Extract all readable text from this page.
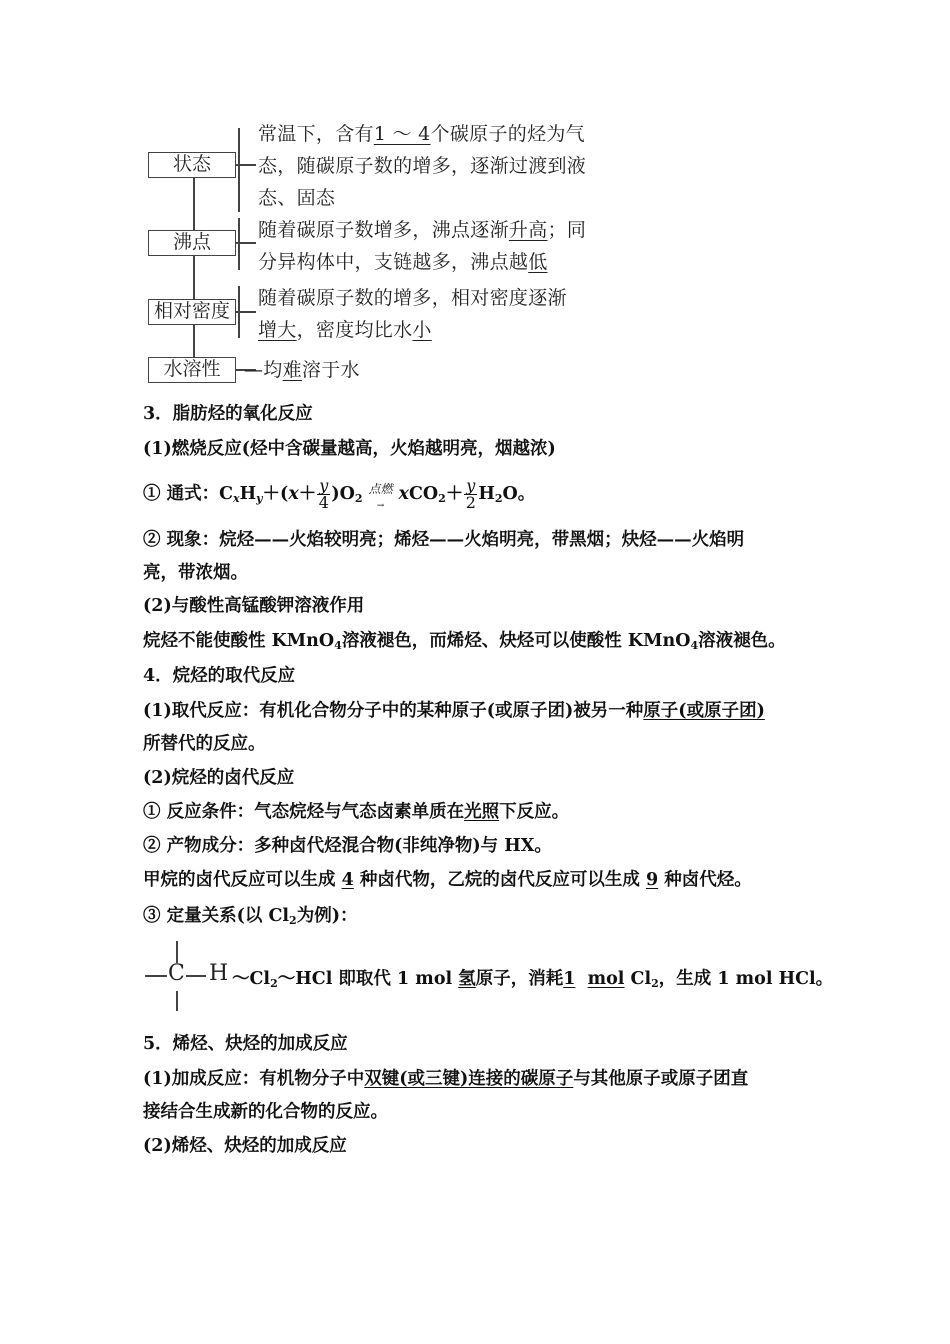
状态
常温下，含有1 ～ 4个碳原子的烃为气
态，随碳原子数的增多，逐渐过渡到液
态、固态
沸点
随着碳原子数增多，沸点逐渐升高；同
分异构体中，支链越多，沸点越低
相对密度
随着碳原子数的增多，相对密度逐渐
增大，密度均比水小
水溶性	—均难溶于水
3．脂肪烃的氧化反应
(1)燃烧反应(烃中含碳量越高，火焰越明亮，烟越浓)
① 通式：$C_xH_y+(x+ \frac{y}{4} )O_2$点燃
→
$xCO_2+ \frac{y}{2} H_2O$。
② 现象：烷烃——火焰较明亮；烯烃——火焰明亮，带黑烟；炔烃——火焰明
亮，带浓烟。
(2)与酸性高锰酸钾溶液作用
烷烃不能使酸性 KMnO$_4$溶液褪色，而烯烃、炔烃可以使酸性 KMnO$_4$溶液褪色。
4．烷烃的取代反应
(1)取代反应：有机化合物分子中的某种原子(或原子团)被另一种原子(或原子团)
所替代的反应。
(2)烷烃的卤代反应
① 反应条件：气态烷烃与气态卤素单质在光照下反应。
② 产物成分：多种卤代烃混合物(非纯净物)与 HX。
甲烷的卤代反应可以生成 4 种卤代物，乙烷的卤代反应可以生成 9 种卤代烃。
③ 定量关系(以 $Cl_2$为例)：
C H $\sim Cl_2\sim HCl$ 即取代 1 mol 氢原子，消耗1 mol $Cl_2$，生成 1 mol HCl。
5．烯烃、炔烃的加成反应
(1)加成反应：有机物分子中双键(或三键)连接的碳原子与其他原子或原子团直
接结合生成新的化合物的反应。
(2)烯烃、炔烃的加成反应
